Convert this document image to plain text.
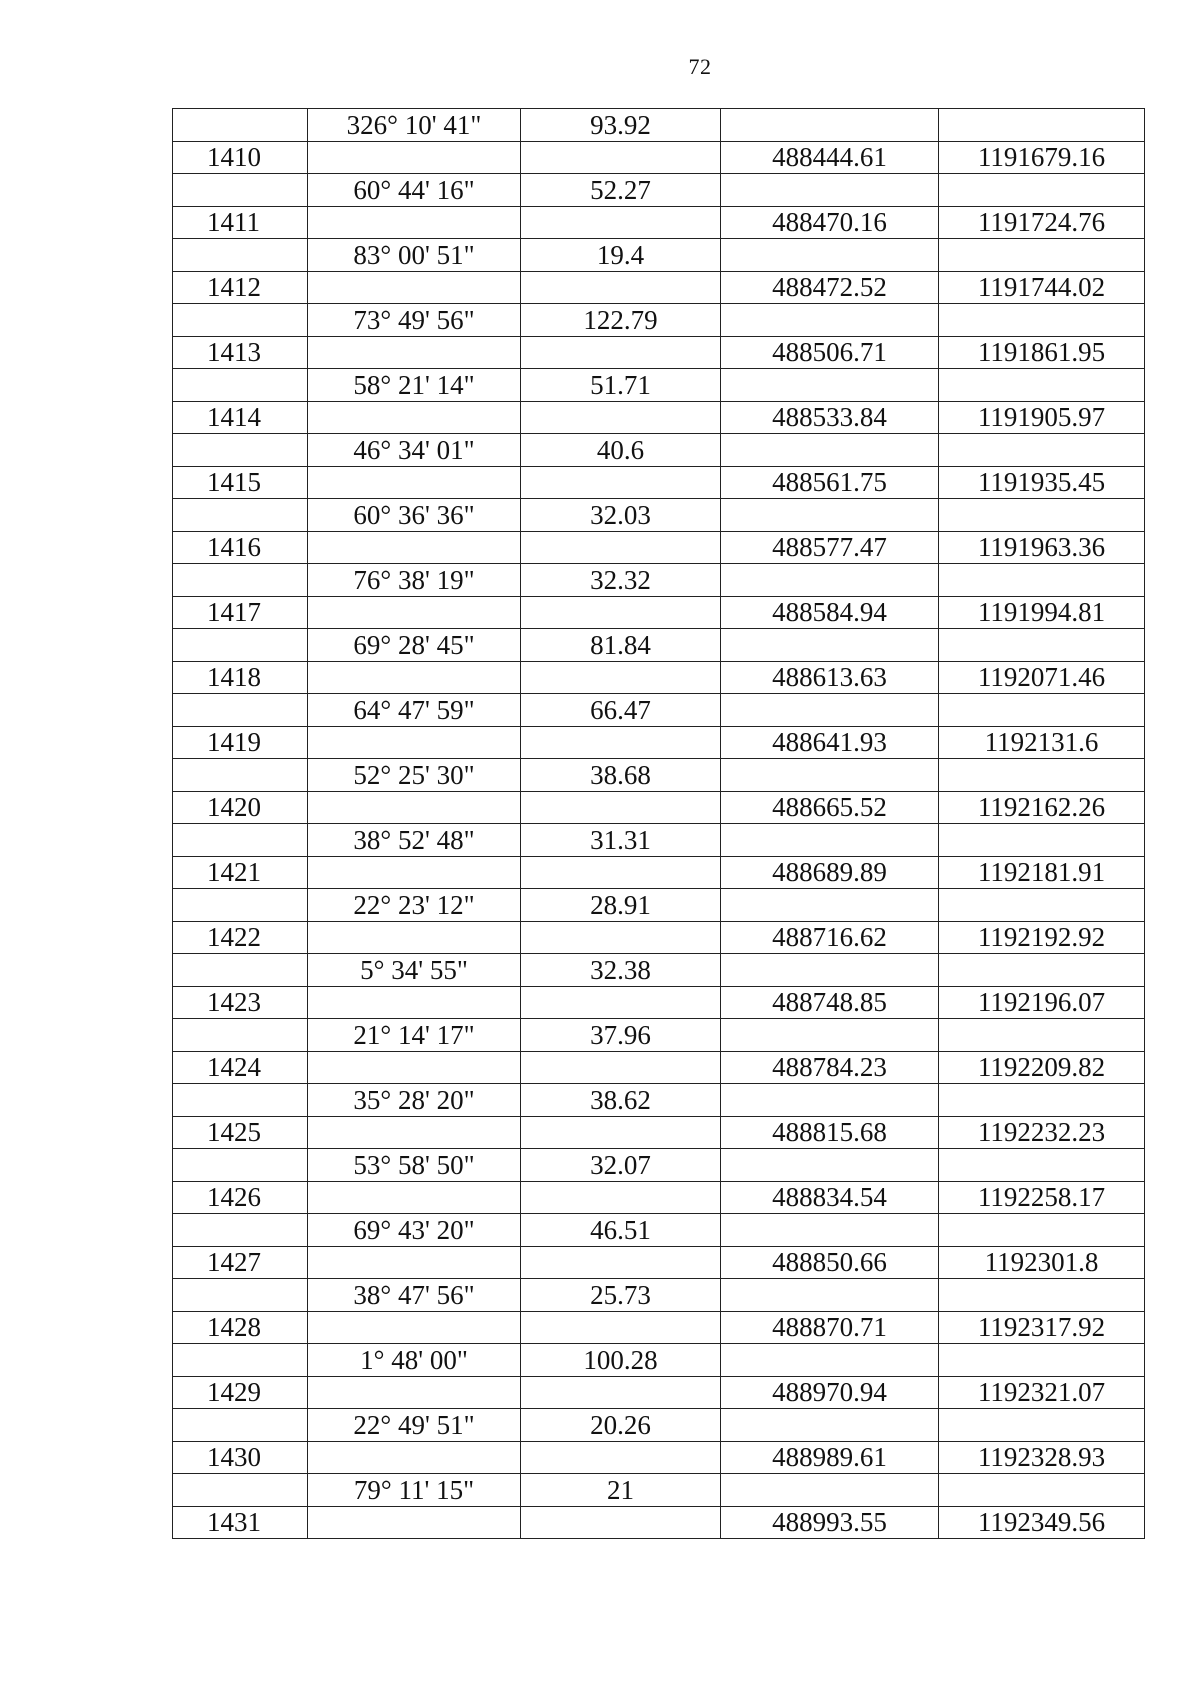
72
	326° 10' 41"	93.92		
1410			488444.61	1191679.16
	60° 44' 16"	52.27		
1411			488470.16	1191724.76
	83° 00' 51"	19.4		
1412			488472.52	1191744.02
	73° 49' 56"	122.79		
1413			488506.71	1191861.95
	58° 21' 14"	51.71		
1414			488533.84	1191905.97
	46° 34' 01"	40.6		
1415			488561.75	1191935.45
	60° 36' 36"	32.03		
1416			488577.47	1191963.36
	76° 38' 19"	32.32		
1417			488584.94	1191994.81
	69° 28' 45"	81.84		
1418			488613.63	1192071.46
	64° 47' 59"	66.47		
1419			488641.93	1192131.6
	52° 25' 30"	38.68		
1420			488665.52	1192162.26
	38° 52' 48"	31.31		
1421			488689.89	1192181.91
	22° 23' 12"	28.91		
1422			488716.62	1192192.92
	5° 34' 55"	32.38		
1423			488748.85	1192196.07
	21° 14' 17"	37.96		
1424			488784.23	1192209.82
	35° 28' 20"	38.62		
1425			488815.68	1192232.23
	53° 58' 50"	32.07		
1426			488834.54	1192258.17
	69° 43' 20"	46.51		
1427			488850.66	1192301.8
	38° 47' 56"	25.73		
1428			488870.71	1192317.92
	1° 48' 00"	100.28		
1429			488970.94	1192321.07
	22° 49' 51"	20.26		
1430			488989.61	1192328.93
	79° 11' 15"	21		
1431			488993.55	1192349.56
